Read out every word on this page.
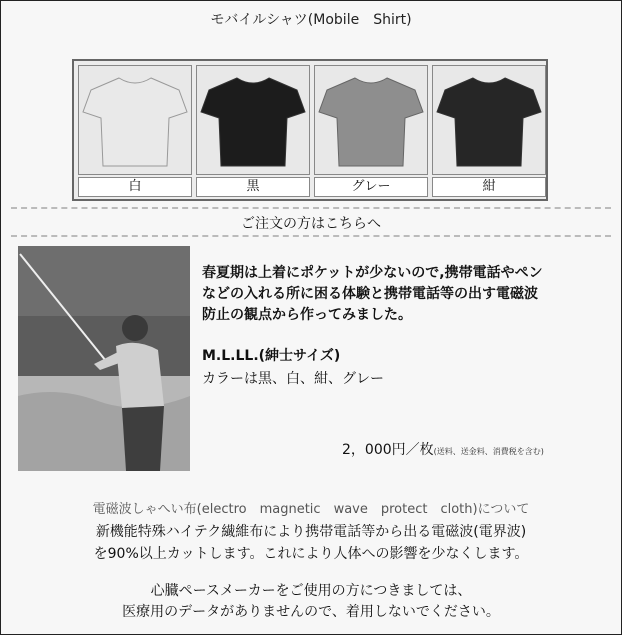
モバイルシャツ(Mobile　Shirt)
白	黒	グレー	紺
ご注文の方はこちらへ

春夏期は上着にポケットが少ないので,携帯電話やペン

などの入れる所に困る体験と携帯電話等の出す電磁波

防止の観点から作ってみました。

M.L.LL.(紳士サイズ)
カラーは黒、白、紺、グレー
2，000円／枚(送料、送金料、消費税を含む)
電磁波しゃへい布(electro　magnetic　wave　protect　cloth)について

新機能特殊ハイテク繊維布により携帯電話等から出る電磁波(電界波)

を90%以上カットします。これにより人体への影響を少なくします。

心臓ペースメーカーをご使用の方につきましては、

医療用のデータがありませんので、着用しないでください。
